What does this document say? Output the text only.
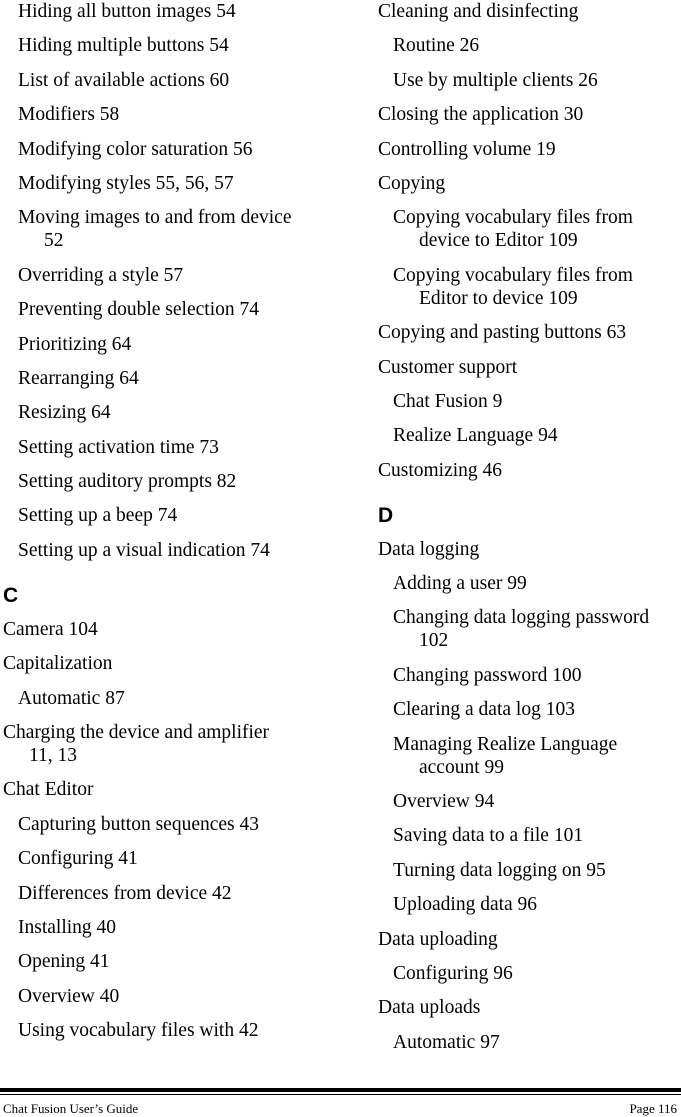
Hiding all button images 54
Hiding multiple buttons 54
List of available actions 60
Modifiers 58
Modifying color saturation 56
Modifying styles 55, 56, 57
Moving images to and from device 52
Overriding a style 57
Preventing double selection 74
Prioritizing 64
Rearranging 64
Resizing 64
Setting activation time 73
Setting auditory prompts 82
Setting up a beep 74
Setting up a visual indication 74
C
Camera 104
Capitalization
Automatic 87
Charging the device and amplifier 11, 13
Chat Editor
Capturing button sequences 43
Configuring 41
Differences from device 42
Installing 40
Opening 41
Overview 40
Using vocabulary files with 42
Cleaning and disinfecting
Routine 26
Use by multiple clients 26
Closing the application 30
Controlling volume 19
Copying
Copying vocabulary files from device to Editor 109
Copying vocabulary files from Editor to device 109
Copying and pasting buttons 63
Customer support
Chat Fusion 9
Realize Language 94
Customizing 46
D
Data logging
Adding a user 99
Changing data logging password 102
Changing password 100
Clearing a data log 103
Managing Realize Language account 99
Overview 94
Saving data to a file 101
Turning data logging on 95
Uploading data 96
Data uploading
Configuring 96
Data uploads
Automatic 97
Chat Fusion User’s Guide	Page 116
